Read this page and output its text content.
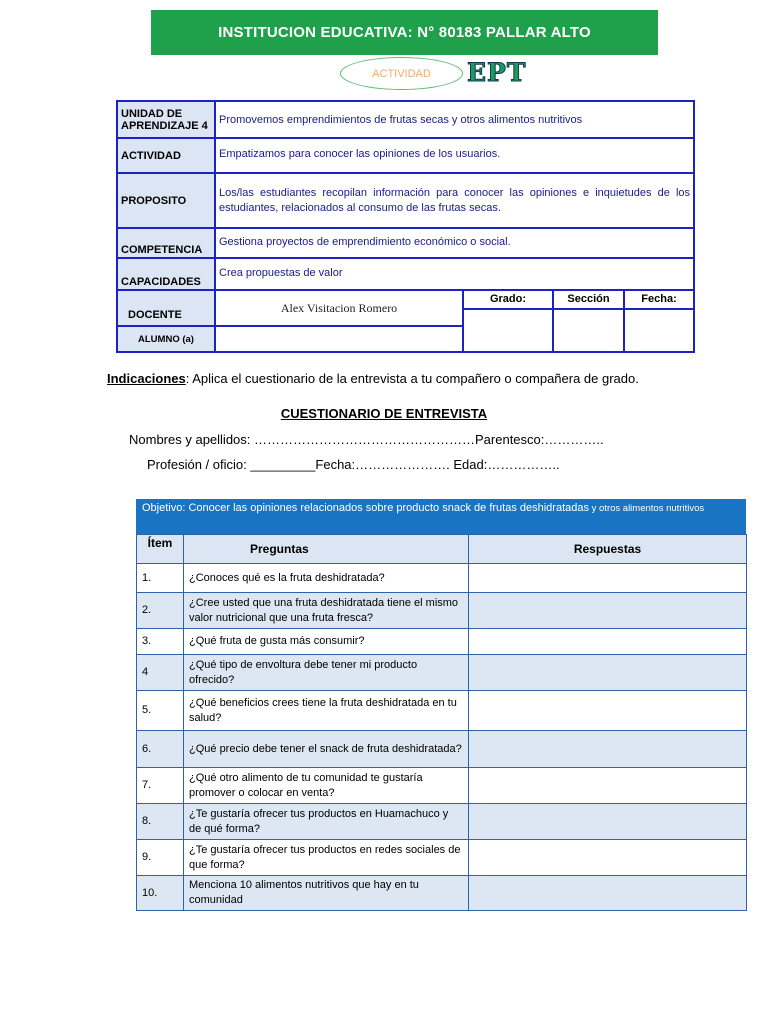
INSTITUCION EDUCATIVA: N° 80183 PALLAR ALTO
ACTIVIDAD EPT
UNIDAD DE APRENDIZAJE 4	Promovemos emprendimientos de frutas secas y otros alimentos nutritivos			
ACTIVIDAD	Empatizamos para conocer las opiniones de los usuarios.			
PROPOSITO	Los/las estudiantes recopilan información para conocer las opiniones e inquietudes de los estudiantes, relacionados al consumo de las frutas secas.			
COMPETENCIA	Gestiona proyectos de emprendimiento económico o social.			
CAPACIDADES	Crea propuestas de valor			
DOCENTE	Alex Visitacion Romero	Grado:	Sección	Fecha:

ALUMNO (a)				
Indicaciones: Aplica el cuestionario de la entrevista a tu compañero o compañera de grado.
CUESTIONARIO DE ENTREVISTA
Nombres y apellidos: ……………………………………………Parentesco:…………..
Profesión / oficio: _________Fecha:…………………. Edad:……………..
Objetivo: Conocer las opiniones relacionados sobre producto snack de frutas deshidratadas y otros alimentos nutritivos
Ítem	Preguntas	Respuestas
1.	¿Conoces qué es la fruta deshidratada?	
2.	¿Cree usted que una fruta deshidratada tiene el mismo valor nutricional que una fruta fresca?	
3.	¿Qué fruta de gusta más consumir?	
4	¿Qué tipo de envoltura debe tener mi producto ofrecido?	
5.	¿Qué beneficios crees tiene la fruta deshidratada en tu salud?	
6.	¿Qué precio debe tener el snack de fruta deshidratada?	
7.	¿Qué otro alimento de tu comunidad te gustaría promover o colocar en venta?	
8.	¿Te gustaría ofrecer tus productos en Huamachuco y de qué forma?	
9.	¿Te gustaría ofrecer tus productos en redes sociales de que forma?	
10.	Menciona 10 alimentos nutritivos que hay en tu comunidad	
